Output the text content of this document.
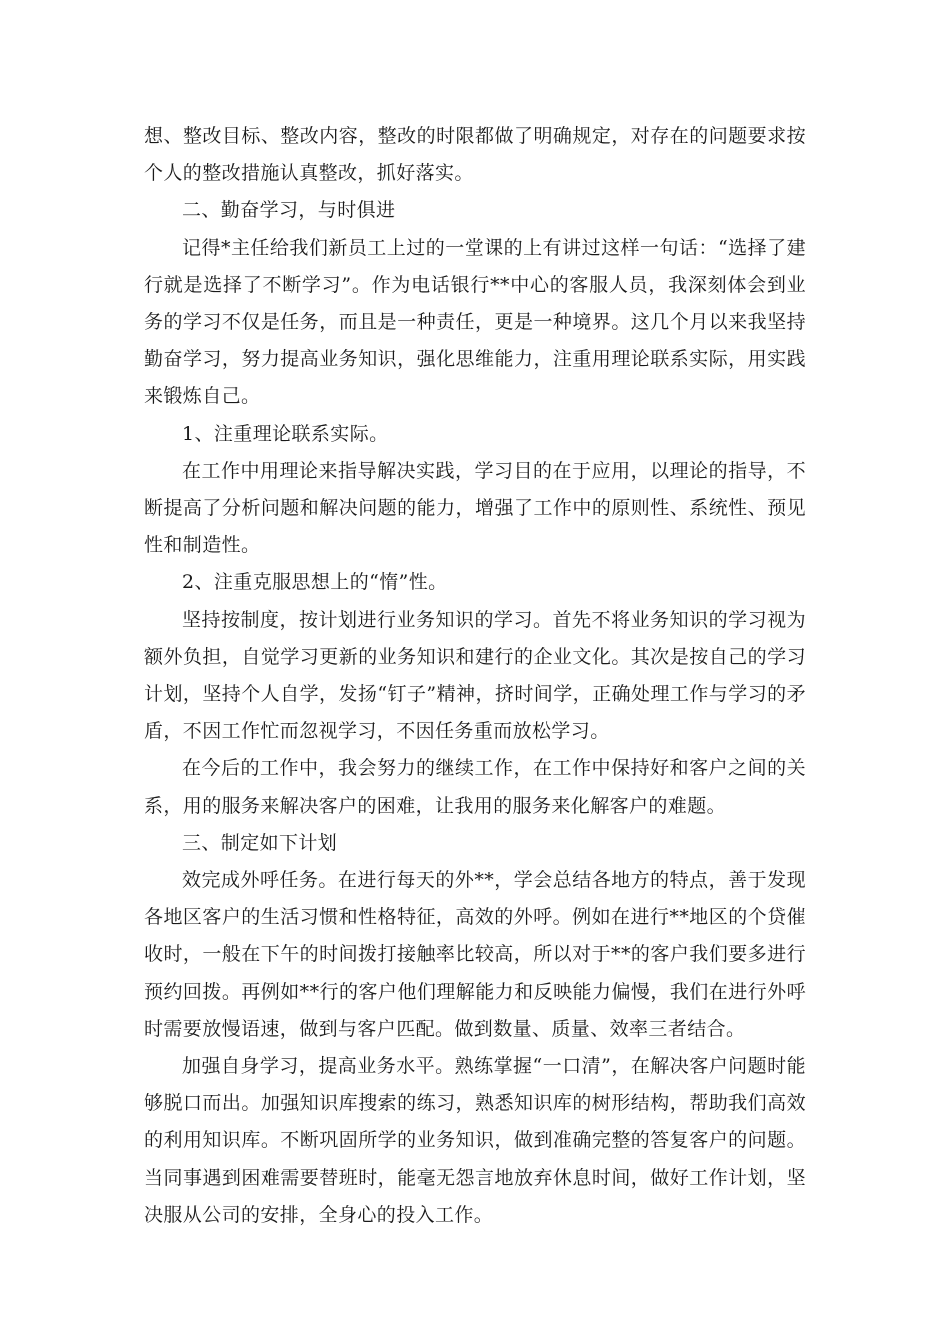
想、整改目标、整改内容，整改的时限都做了明确规定，对存在的问题要求按个人的整改措施认真整改，抓好落实。

二、勤奋学习，与时俱进

记得*主任给我们新员工上过的一堂课的上有讲过这样一句话：“选择了建行就是选择了不断学习”。作为电话银行**中心的客服人员，我深刻体会到业务的学习不仅是任务，而且是一种责任，更是一种境界。这几个月以来我坚持勤奋学习，努力提高业务知识，强化思维能力，注重用理论联系实际，用实践来锻炼自己。

1、注重理论联系实际。

在工作中用理论来指导解决实践，学习目的在于应用，以理论的指导，不断提高了分析问题和解决问题的能力，增强了工作中的原则性、系统性、预见性和制造性。

2、注重克服思想上的“惰”性。

坚持按制度，按计划进行业务知识的学习。首先不将业务知识的学习视为额外负担，自觉学习更新的业务知识和建行的企业文化。其次是按自己的学习计划，坚持个人自学，发扬“钉子”精神，挤时间学，正确处理工作与学习的矛盾，不因工作忙而忽视学习，不因任务重而放松学习。

在今后的工作中，我会努力的继续工作，在工作中保持好和客户之间的关系，用的服务来解决客户的困难，让我用的服务来化解客户的难题。

三、制定如下计划

效完成外呼任务。在进行每天的外**，学会总结各地方的特点，善于发现各地区客户的生活习惯和性格特征，高效的外呼。例如在进行**地区的个贷催收时，一般在下午的时间拨打接触率比较高，所以对于**的客户我们要多进行预约回拨。再例如**行的客户他们理解能力和反映能力偏慢，我们在进行外呼时需要放慢语速，做到与客户匹配。做到数量、质量、效率三者结合。

加强自身学习，提高业务水平。熟练掌握“一口清”，在解决客户问题时能够脱口而出。加强知识库搜索的练习，熟悉知识库的树形结构，帮助我们高效的利用知识库。不断巩固所学的业务知识，做到准确完整的答复客户的问题。当同事遇到困难需要替班时，能毫无怨言地放弃休息时间，做好工作计划，坚决服从公司的安排，全身心的投入工作。
